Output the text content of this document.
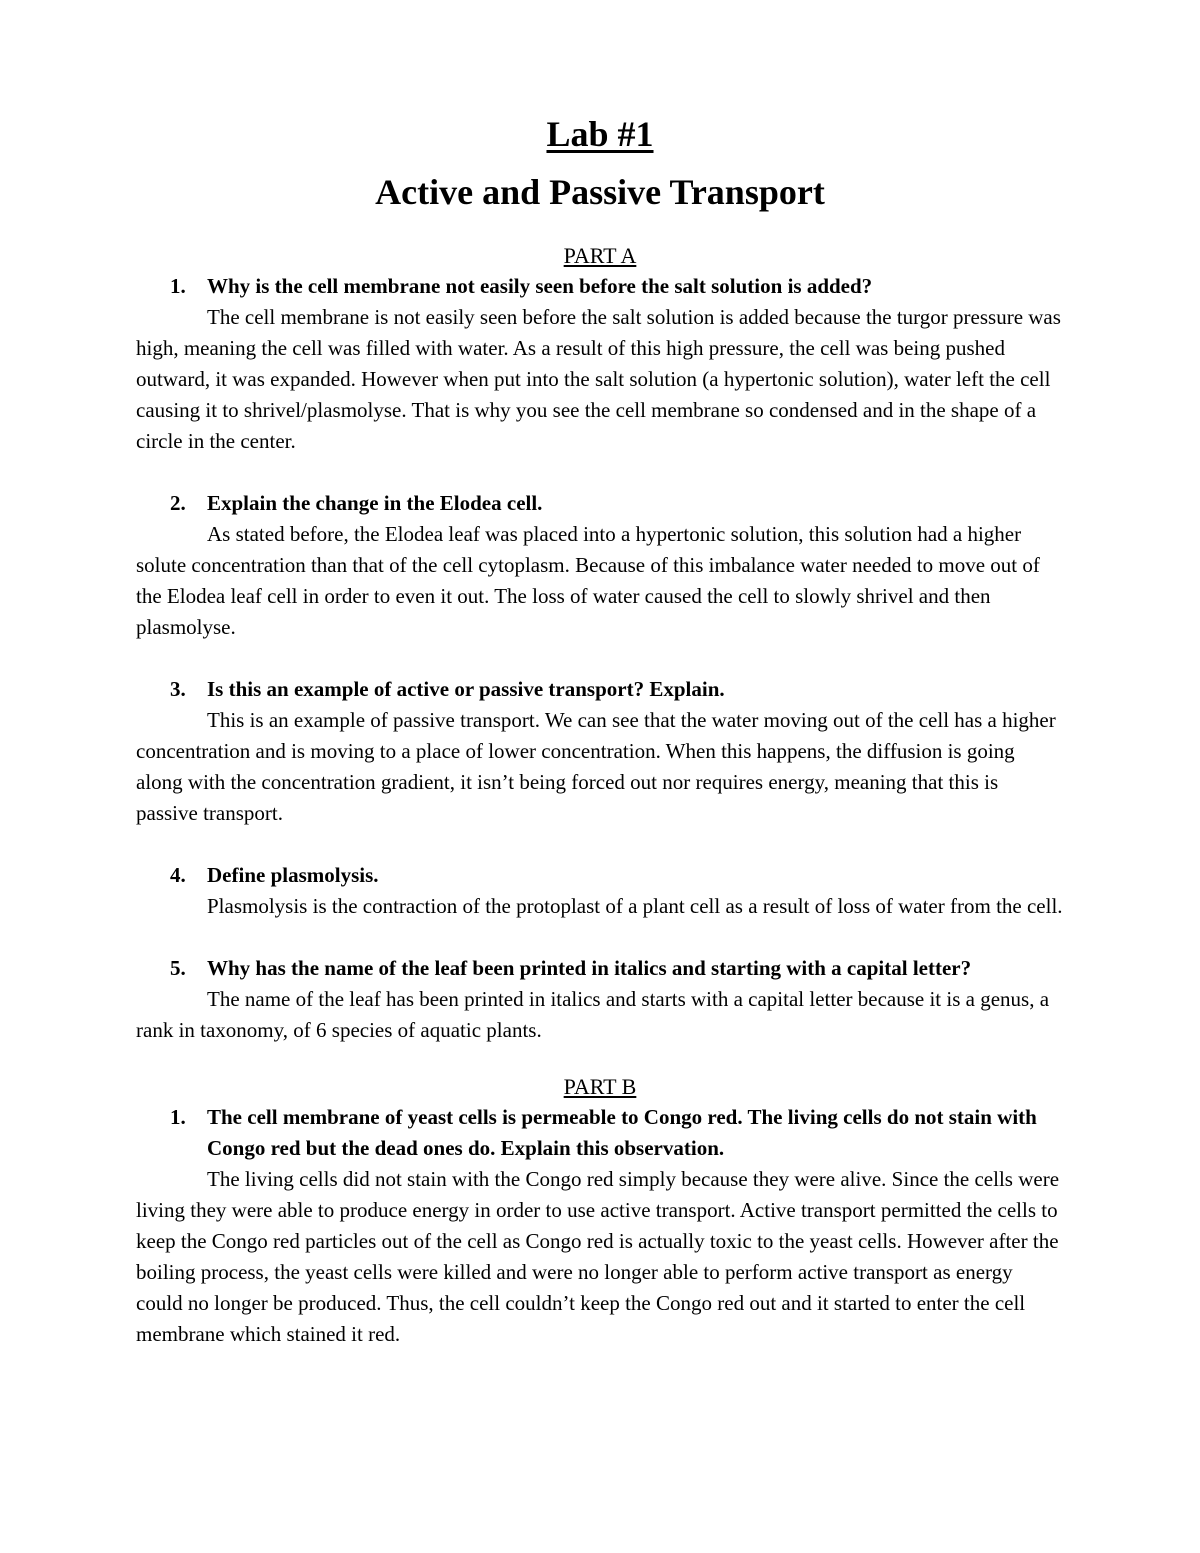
Lab #1
Active and Passive Transport

PART A

1. Why is the cell membrane not easily seen before the salt solution is added?

The cell membrane is not easily seen before the salt solution is added because the turgor pressure was high, meaning the cell was filled with water. As a result of this high pressure, the cell was being pushed outward, it was expanded. However when put into the salt solution (a hypertonic solution), water left the cell causing it to shrivel/plasmolyse. That is why you see the cell membrane so condensed and in the shape of a circle in the center.

2. Explain the change in the Elodea cell.

As stated before, the Elodea leaf was placed into a hypertonic solution, this solution had a higher solute concentration than that of the cell cytoplasm. Because of this imbalance water needed to move out of the Elodea leaf cell in order to even it out. The loss of water caused the cell to slowly shrivel and then plasmolyse.

3. Is this an example of active or passive transport? Explain.

This is an example of passive transport. We can see that the water moving out of the cell has a higher concentration and is moving to a place of lower concentration. When this happens, the diffusion is going along with the concentration gradient, it isn’t being forced out nor requires energy, meaning that this is passive transport.

4. Define plasmolysis.

Plasmolysis is the contraction of the protoplast of a plant cell as a result of loss of water from the cell.

5. Why has the name of the leaf been printed in italics and starting with a capital letter?

The name of the leaf has been printed in italics and starts with a capital letter because it is a genus, a rank in taxonomy, of 6 species of aquatic plants.

PART B

1. The cell membrane of yeast cells is permeable to Congo red. The living cells do not stain with Congo red but the dead ones do. Explain this observation.

The living cells did not stain with the Congo red simply because they were alive. Since the cells were living they were able to produce energy in order to use active transport. Active transport permitted the cells to keep the Congo red particles out of the cell as Congo red is actually toxic to the yeast cells. However after the boiling process, the yeast cells were killed and were no longer able to perform active transport as energy could no longer be produced. Thus, the cell couldn’t keep the Congo red out and it started to enter the cell membrane which stained it red.
